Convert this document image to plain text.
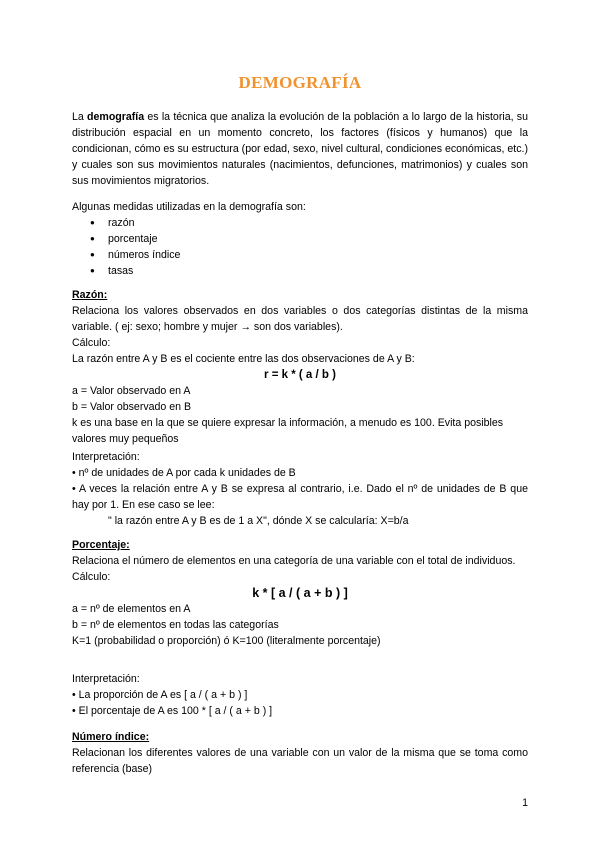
DEMOGRAFÍA

La demografía es la técnica que analiza la evolución de la población a lo largo de la historia, su distribución espacial en un momento concreto, los factores (físicos y humanos) que la condicionan, cómo es su estructura (por edad, sexo, nivel cultural, condiciones económicas, etc.) y cuales son sus movimientos naturales (nacimientos, defunciones, matrimonios) y cuales son sus movimientos migratorios.

Algunas medidas utilizadas en la demografía son:

● razón
● porcentaje
● números índice
● tasas

Razón:

Relaciona los valores observados en dos variables o dos categorías distintas de la misma variable. ( ej: sexo; hombre y mujer → son dos variables).

Cálculo:

La razón entre A y B es el cociente entre las dos observaciones de A y B:

r = k * ( a / b )

a = Valor observado en A

b = Valor observado en B

k es una base en la que se quiere expresar la información, a menudo es 100. Evita posibles valores muy pequeños

Interpretación:

• nº de unidades de A por cada k unidades de B

• A veces la relación entre A y B se expresa al contrario, i.e. Dado el nº de unidades de B que hay por 1. En ese caso se lee:

" la razón entre A y B es de 1 a X", dónde X se calcularía: X=b/a

Porcentaje:

Relaciona el número de elementos en una categoría de una variable con el total de individuos.

Cálculo:

k * [ a / ( a + b ) ]

a = nº de elementos en A

b = nº de elementos en todas las categorías

K=1 (probabilidad o proporción) ó K=100 (literalmente porcentaje)

Interpretación:

• La proporción de A es [ a / ( a + b ) ]

• El porcentaje de A es 100 * [ a / ( a + b ) ]

Número índice:

Relacionan los diferentes valores de una variable con un valor de la misma que se toma como referencia (base)

1
